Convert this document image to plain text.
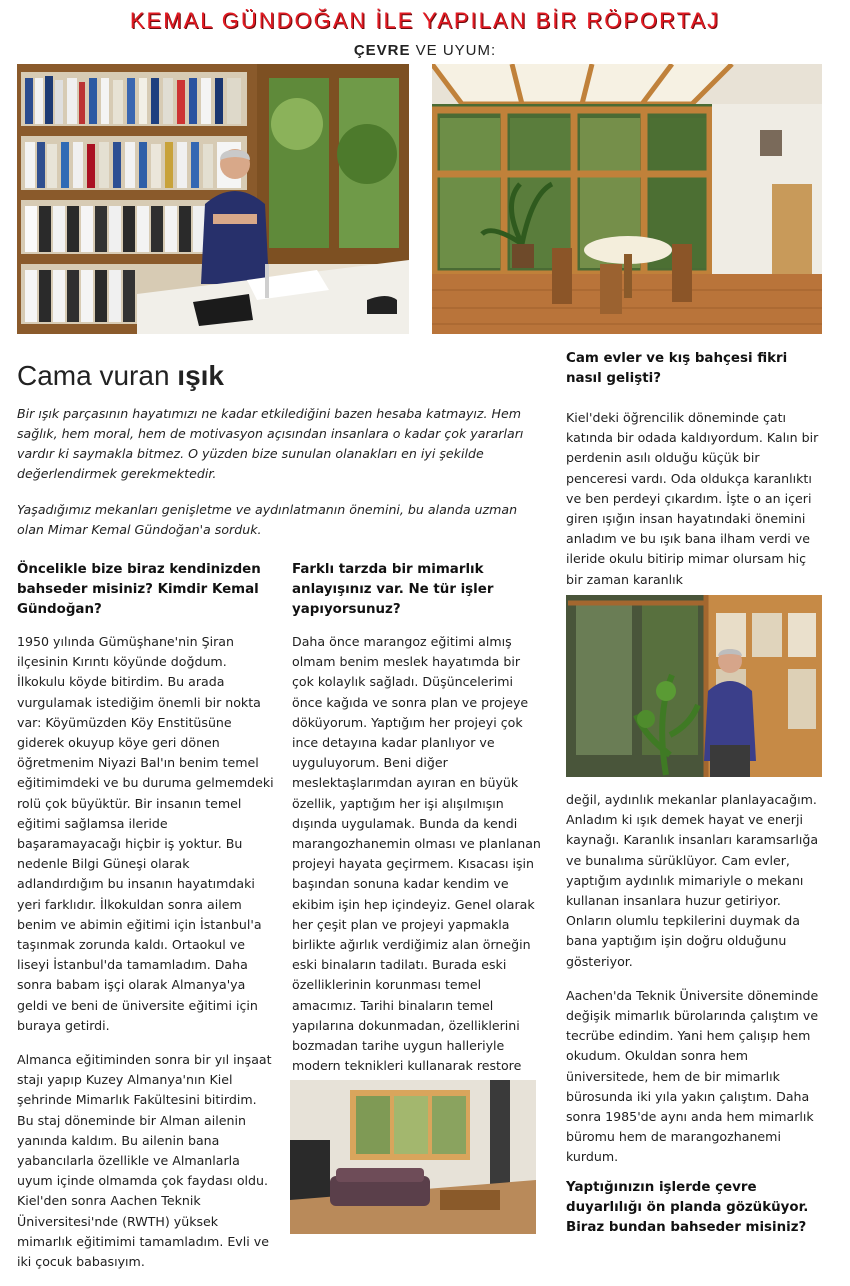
KEMAL GÜNDOĞAN İLE YAPILAN BİR RÖPORTAJ
ÇEVRE VE UYUM:
Cama vuran ışık

Bir ışık parçasının hayatımızı ne kadar etkilediğini bazen hesaba katmayız. Hem sağlık, hem moral, hem de motivasyon açısından insanlara o kadar çok yararları vardır ki saymakla bitmez. O yüzden bize sunulan olanakları en iyi şekilde değerlendirmek gerekmektedir.

Yaşadığımız mekanları genişletme ve aydınlatmanın önemini, bu alanda uzman olan Mimar Kemal Gündoğan'a sorduk.

Öncelikle bize biraz kendinizden bahseder misiniz? Kimdir Kemal Gündoğan?

1950 yılında Gümüşhane'nin Şiran ilçesinin Kırıntı köyünde doğdum. İlkokulu köyde bitirdim. Bu arada vurgulamak istediğim önemli bir nokta var: Köyümüzden Köy Enstitüsüne giderek okuyup köye geri dönen öğretmenim Niyazi Bal'ın benim temel eğitimimdeki ve bu duruma gelmemdeki rolü çok büyüktür. Bir insanın temel eğitimi sağlamsa ileride başaramayacağı hiçbir iş yoktur. Bu nedenle Bilgi Güneşi olarak adlandırdığım bu insanın hayatımdaki yeri farklıdır. İlkokuldan sonra ailem benim ve abimin eğitimi için İstanbul'a taşınmak zorunda kaldı. Ortaokul ve liseyi İstanbul'da tamamladım. Daha sonra babam işçi olarak Almanya'ya geldi ve beni de üniversite eğitimi için buraya getirdi.

Almanca eğitiminden sonra bir yıl inşaat stajı yapıp Kuzey Almanya'nın Kiel şehrinde Mimarlık Fakültesini bitirdim. Bu staj döneminde bir Alman ailenin yanında kaldım. Bu ailenin bana yabancılarla özellikle ve Almanlarla uyum içinde olmamda çok faydası oldu. Kiel'den sonra Aachen Teknik Üniversitesi'nde (RWTH) yüksek mimarlık eğitimimi tamamladım. Evli ve iki çocuk babasıyım.

Farklı tarzda bir mimarlık anlayışınız var. Ne tür işler yapıyorsunuz?

Daha önce marangoz eğitimi almış olmam benim meslek hayatımda bir çok kolaylık sağladı. Düşüncelerimi önce kağıda ve sonra plan ve projeye döküyorum. Yaptığım her projeyi çok ince detayına kadar planlıyor ve uyguluyorum. Beni diğer meslektaşlarımdan ayıran en büyük özellik, yaptığım her işi alışılmışın dışında uygulamak. Bunda da kendi marangozhanemin olması ve planlanan projeyi hayata geçirmem. Kısacası işin başından sonuna kadar kendim ve ekibim işin hep içindeyiz. Genel olarak her çeşit plan ve projeyi yapmakla birlikte ağırlık verdiğimiz alan örneğin eski binaların tadilatı. Burada eski özelliklerinin korunması temel amacımız. Tarihi binaların temel yapılarına dokunmadan, özelliklerini bozmadan tarihe uygun halleriyle modern teknikleri kullanarak restore

Cam evler ve kış bahçesi fikri nasıl gelişti?

Kiel'deki öğrencilik döneminde çatı katında bir odada kaldıyordum. Kalın bir perdenin asılı olduğu küçük bir penceresi vardı. Oda oldukça karanlıktı ve ben perdeyi çıkardım. İşte o an içeri giren ışığın insan hayatındaki önemini anladım ve bu ışık bana ilham verdi ve ileride okulu bitirip mimar olursam hiç bir zaman karanlık

değil, aydınlık mekanlar planlayacağım. Anladım ki ışık demek hayat ve enerji kaynağı. Karanlık insanları karamsarlığa ve bunalıma sürüklüyor. Cam evler, yaptığım aydınlık mimariyle o mekanı kullanan insanlara huzur getiriyor. Onların olumlu tepkilerini duymak da bana yaptığım işin doğru olduğunu gösteriyor.

Aachen'da Teknik Üniversite döneminde değişik mimarlık bürolarında çalıştım ve tecrübe edindim. Yani hem çalışıp hem okudum. Okuldan sonra hem üniversitede, hem de bir mimarlık bürosunda iki yıla yakın çalıştım. Daha sonra 1985'de aynı anda hem mimarlık büromu hem de marangozhanemi kurdum.

Yaptığınızın işlerde çevre duyarlılığı ön planda gözüküyor. Biraz bundan bahseder misiniz?
